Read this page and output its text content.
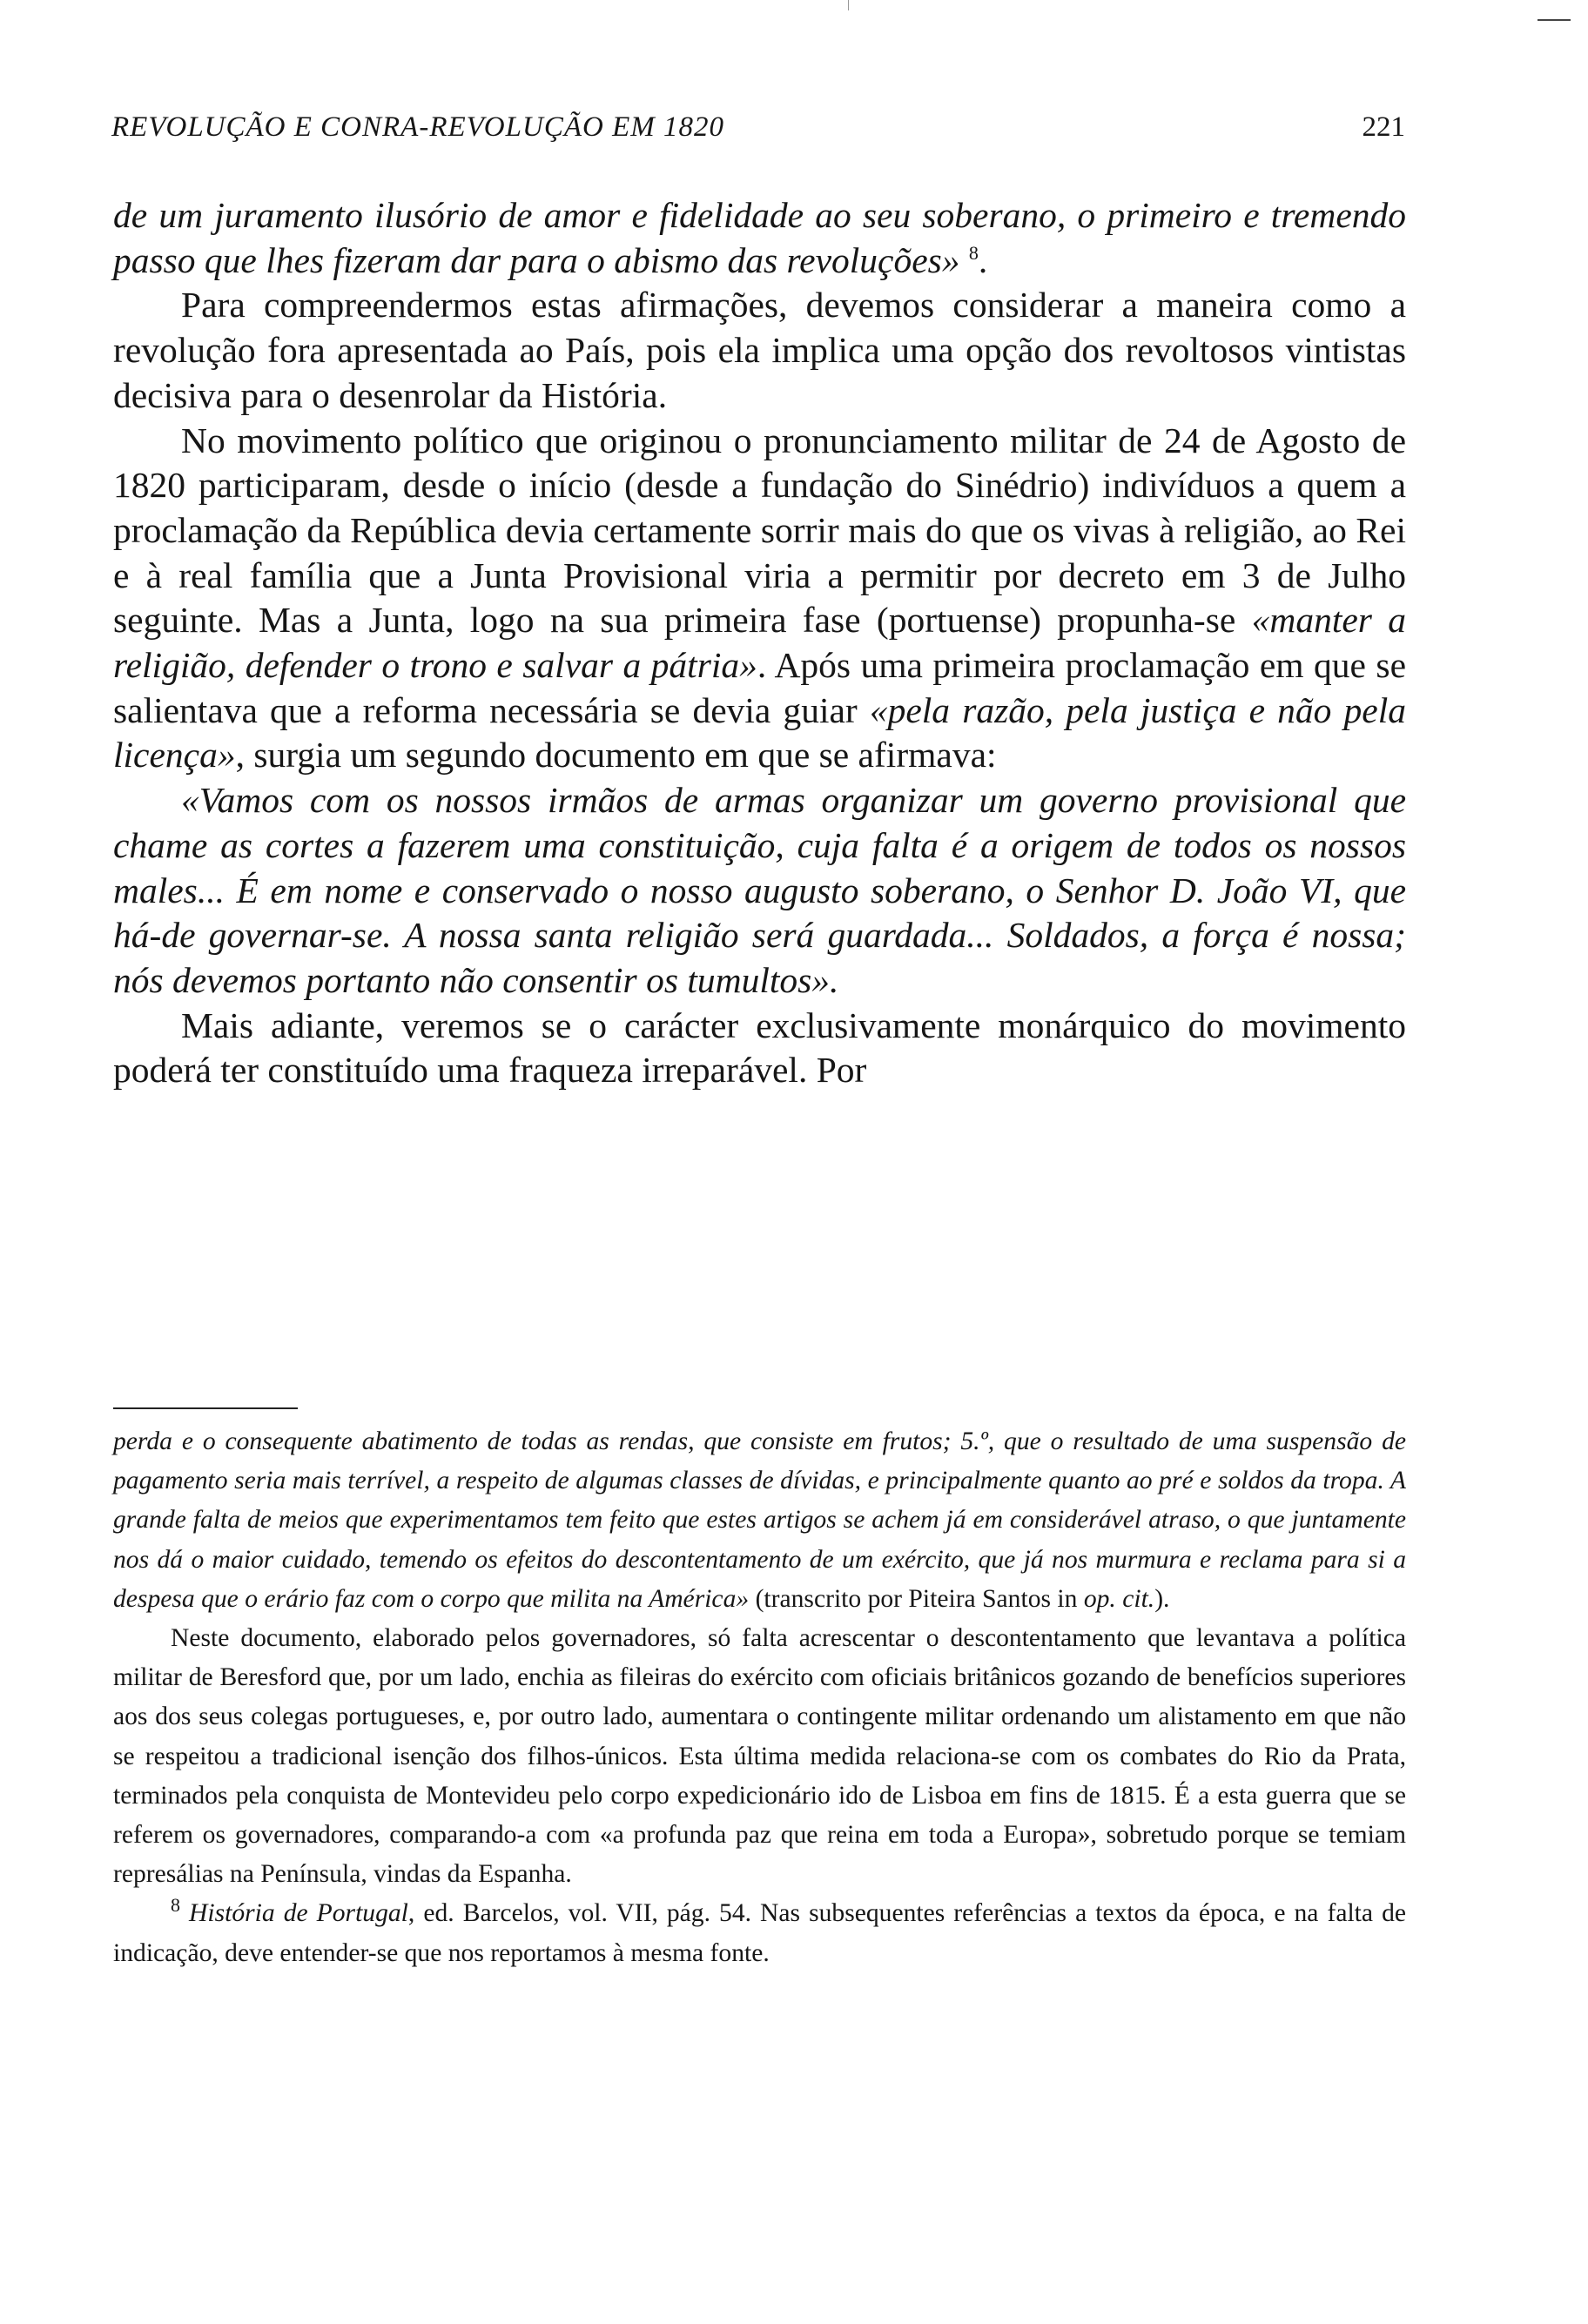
REVOLUÇÃO E CONRA-REVOLUÇÃO EM 1820	221

de um juramento ilusório de amor e fidelidade ao seu soberano, o primeiro e tremendo passo que lhes fizeram dar para o abismo das revoluções» $^8$.

Para compreendermos estas afirmações, devemos considerar a maneira como a revolução fora apresentada ao País, pois ela implica uma opção dos revoltosos vintistas decisiva para o desenrolar da História.

No movimento político que originou o pronunciamento militar de 24 de Agosto de 1820 participaram, desde o início (desde a fundação do Sinédrio) indivíduos a quem a proclamação da República devia certamente sorrir mais do que os vivas à religião, ao Rei e à real família que a Junta Provisional viria a permitir por decreto em 3 de Julho seguinte. Mas a Junta, logo na sua primeira fase (portuense) propunha-se «manter a religião, defender o trono e salvar a pátria». Após uma primeira proclamação em que se salientava que a reforma necessária se devia guiar «pela razão, pela justiça e não pela licença», surgia um segundo documento em que se afirmava:

«Vamos com os nossos irmãos de armas organizar um governo provisional que chame as cortes a fazerem uma constituição, cuja falta é a origem de todos os nossos males... É em nome e conservado o nosso augusto soberano, o Senhor D. João VI, que há-de governar-se. A nossa santa religião será guardada... Soldados, a força é nossa; nós devemos portanto não consentir os tumultos».

Mais adiante, veremos se o carácter exclusivamente monárquico do movimento poderá ter constituído uma fraqueza irreparável. Por

perda e o consequente abatimento de todas as rendas, que consiste em frutos; 5.º, que o resultado de uma suspensão de pagamento seria mais terrível, a respeito de algumas classes de dívidas, e principalmente quanto ao pré e soldos da tropa. A grande falta de meios que experimentamos tem feito que estes artigos se achem já em considerável atraso, o que juntamente nos dá o maior cuidado, temendo os efeitos do descontentamento de um exército, que já nos murmura e reclama para si a despesa que o erário faz com o corpo que milita na América» (transcrito por Piteira Santos in op. cit.).

Neste documento, elaborado pelos governadores, só falta acrescentar o descontentamento que levantava a política militar de Beresford que, por um lado, enchia as fileiras do exército com oficiais britânicos gozando de benefícios superiores aos dos seus colegas portugueses, e, por outro lado, aumentara o contingente militar ordenando um alistamento em que não se respeitou a tradicional isenção dos filhos-únicos. Esta última medida relaciona-se com os combates do Rio da Prata, terminados pela conquista de Montevideu pelo corpo expedicionário ido de Lisboa em fins de 1815. É a esta guerra que se referem os governadores, comparando-a com «a profunda paz que reina em toda a Europa», sobretudo porque se temiam represálias na Península, vindas da Espanha.

$^8$ História de Portugal, ed. Barcelos, vol. VII, pág. 54. Nas subsequentes referências a textos da época, e na falta de indicação, deve entender-se que nos reportamos à mesma fonte.
